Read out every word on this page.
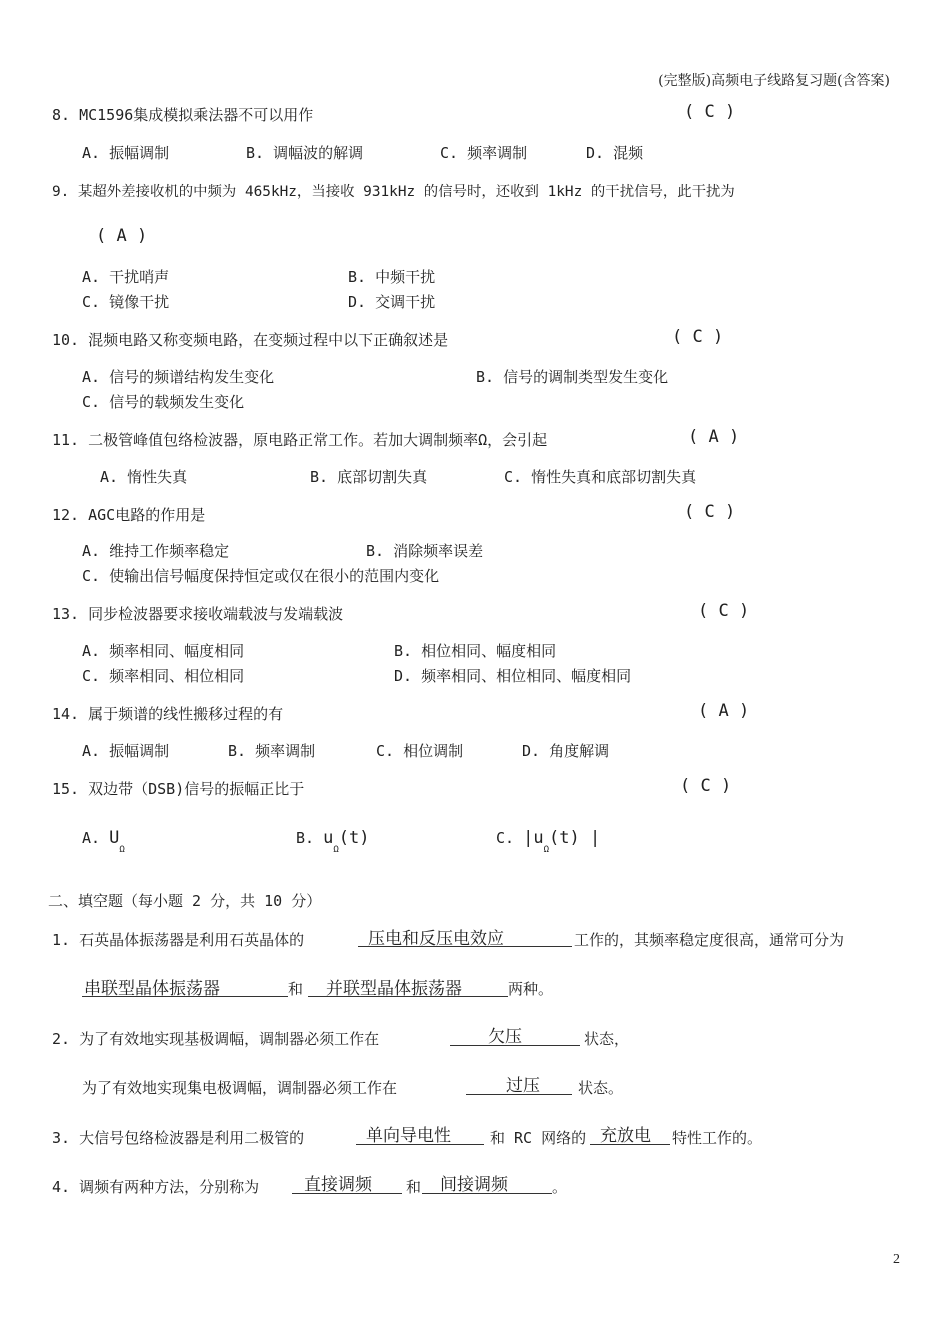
(完整版)高频电子线路复习题(含答案)
8. MC1596集成模拟乘法器不可以用作	( C )
A. 振幅调制	B. 调幅波的解调	C. 频率调制	D. 混频
9. 某超外差接收机的中频为 465kHz，当接收 931kHz 的信号时，还收到 1kHz 的干扰信号，此干扰为
( A )
A. 干扰哨声	B. 中频干扰
C. 镜像干扰	D. 交调干扰
10. 混频电路又称变频电路，在变频过程中以下正确叙述是	( C )
A. 信号的频谱结构发生变化	B. 信号的调制类型发生变化
C. 信号的载频发生变化
11. 二极管峰值包络检波器，原电路正常工作。若加大调制频率Ω，会引起	( A )
A. 惰性失真	B. 底部切割失真	C. 惰性失真和底部切割失真
12. AGC电路的作用是	( C )
A. 维持工作频率稳定	B. 消除频率误差
C. 使输出信号幅度保持恒定或仅在很小的范围内变化
13. 同步检波器要求接收端载波与发端载波	( C )
A. 频率相同、幅度相同	B. 相位相同、幅度相同
C. 频率相同、相位相同	D. 频率相同、相位相同、幅度相同
14. 属于频谱的线性搬移过程的有	( A )
A. 振幅调制	B. 频率调制	C. 相位调制	D. 角度解调
15. 双边带（DSB)信号的振幅正比于	( C )
A. $U_\Omega$
B. $u_\Omega(t)$	C. $|u_\Omega(t)$ |
二、填空题（每小题 2 分，共 10 分）
1. 石英晶体振荡器是利用石英晶体的	压电和反压电效应	工作的，其频率稳定度很高，通常可分为
串联型晶体振荡器	和 并联型晶体振荡器	两种。
2. 为了有效地实现基极调幅，调制器必须工作在	欠压	状态，
为了有效地实现集电极调幅，调制器必须工作在	过压	状态。
3. 大信号包络检波器是利用二极管的	单向导电性	和 RC 网络的 充放电 特性工作的。
4. 调频有两种方法，分别称为	直接调频 和 间接调频	。
2
